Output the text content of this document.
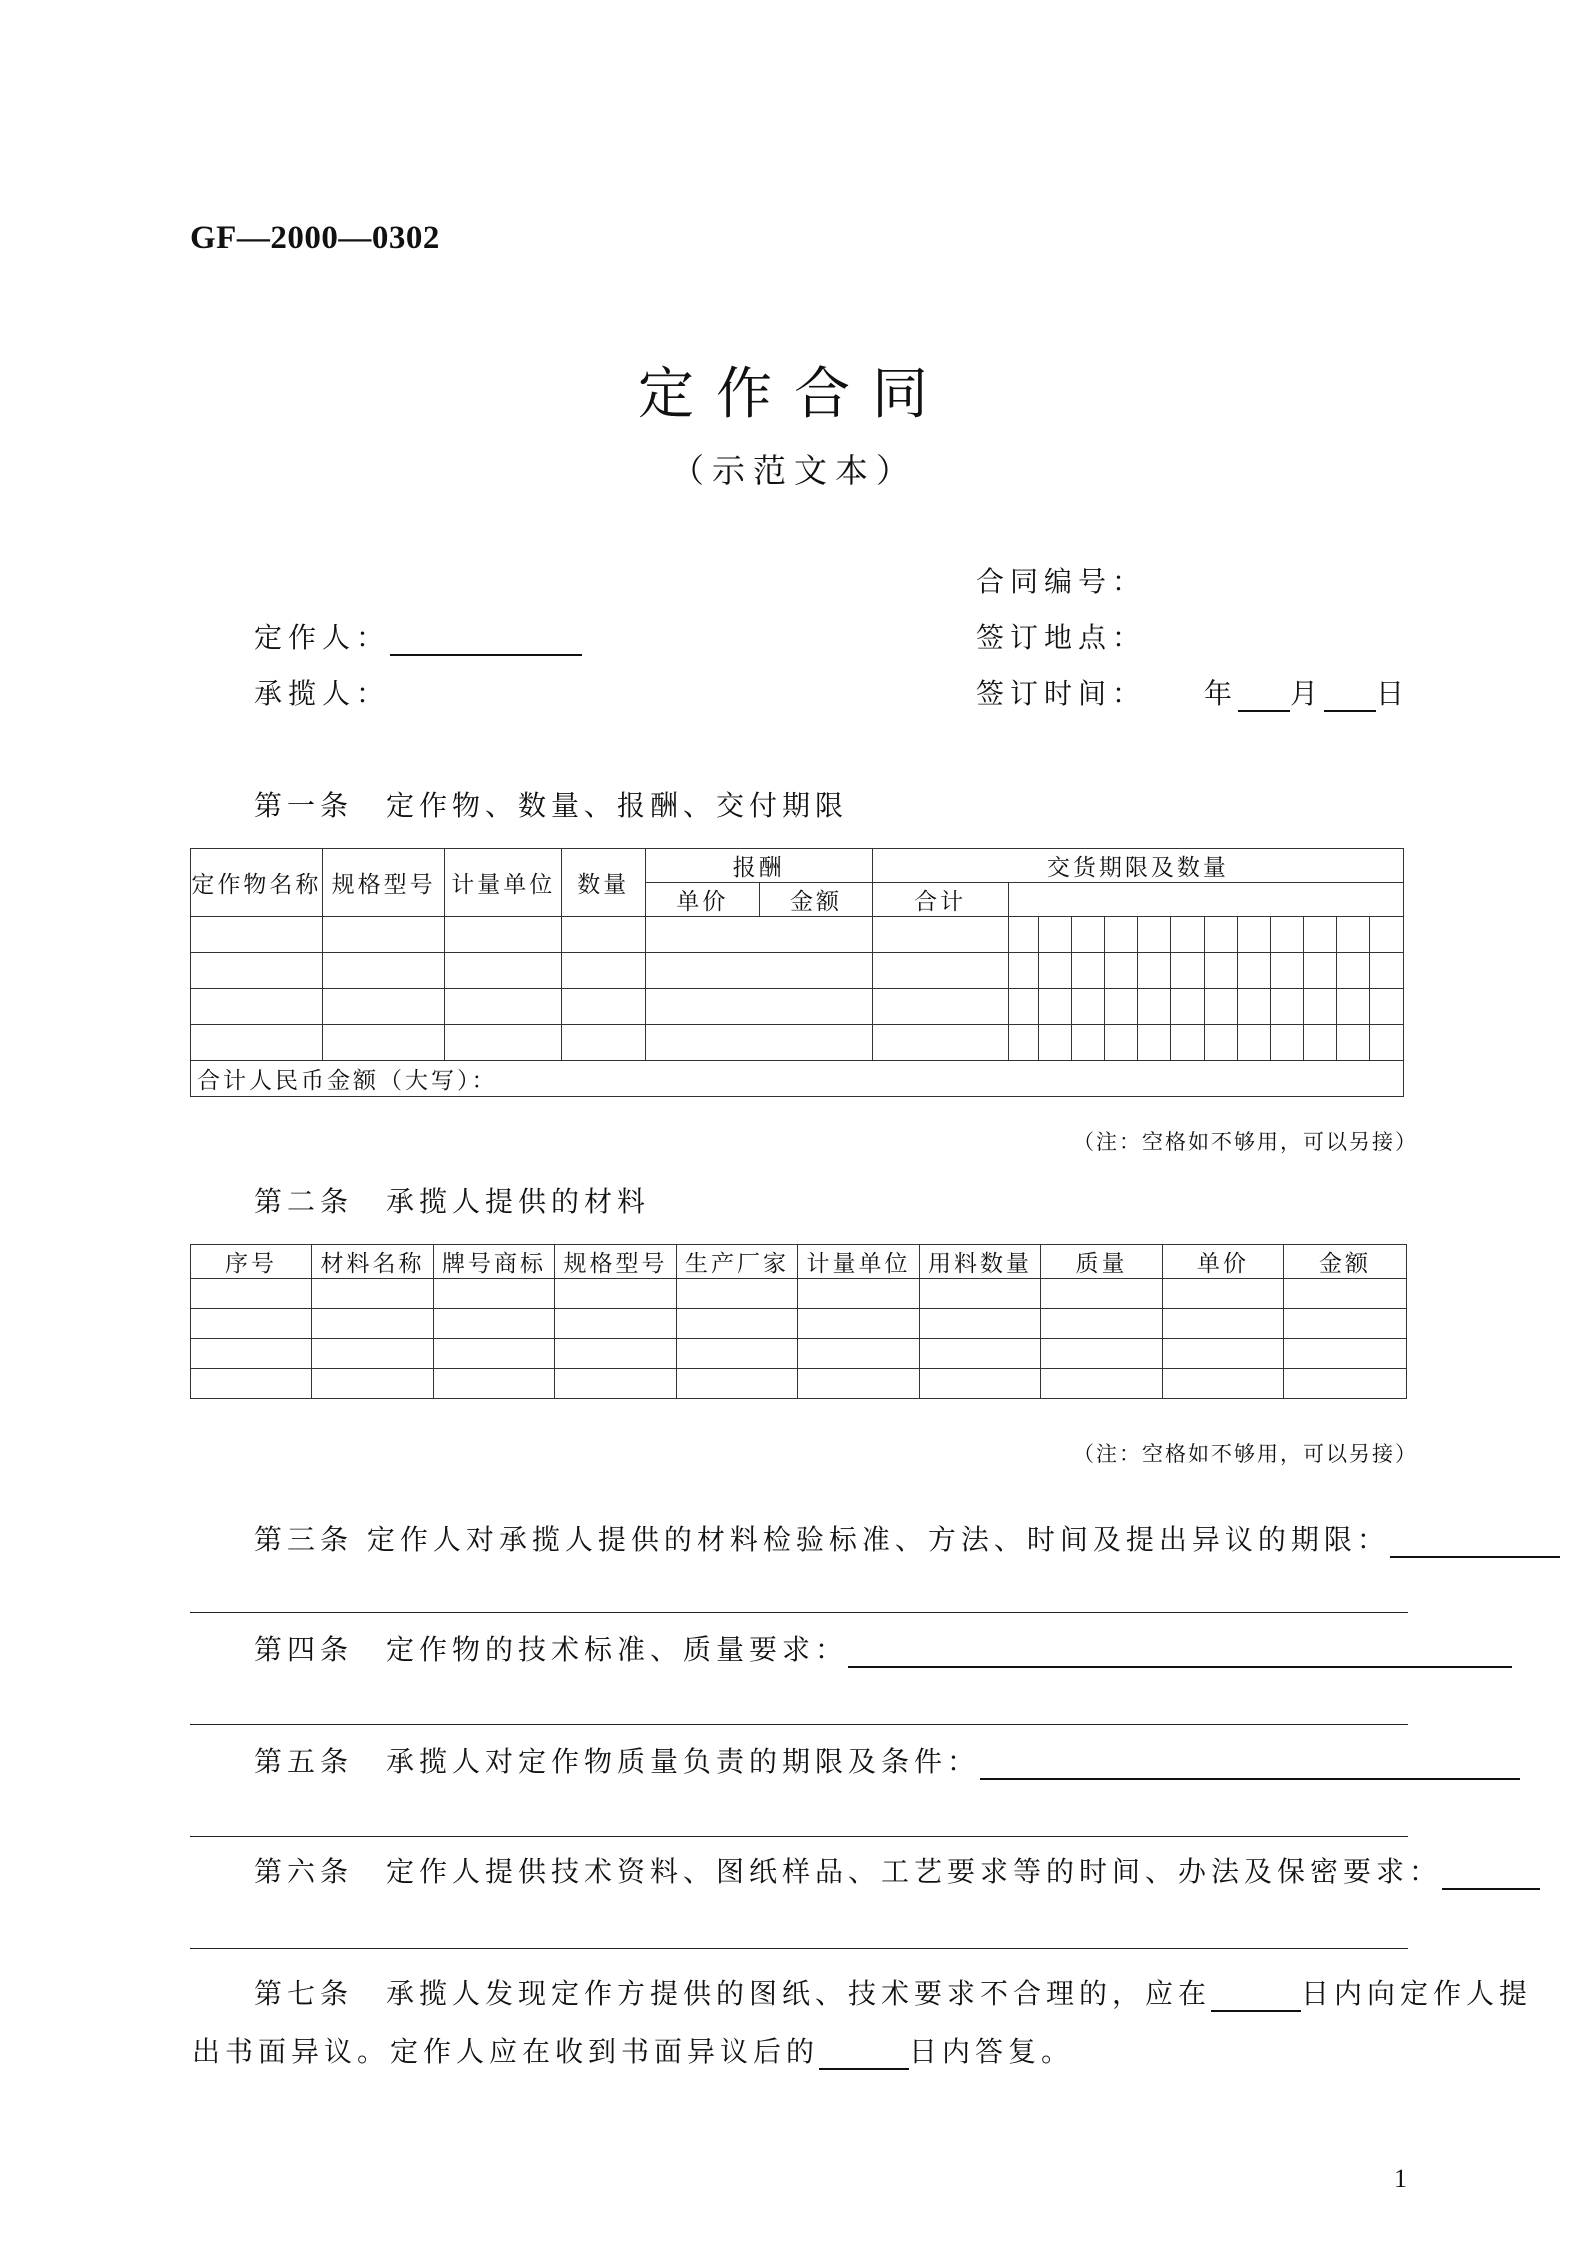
GF—2000—0302
定作合同
（示范文本）
合同编号：
签订地点：
签订时间： 年 月 日
定作人：
承揽人：
第一条　定作物、数量、报酬、交付期限
定作物名称	规格型号	计量单位	数量	报酬		交货期限及数量												
				单价	金额	合计												

合计人民币金额（大写）：																		
（注：空格如不够用，可以另接）
第二条　承揽人提供的材料
序号	材料名称	牌号商标	规格型号	生产厂家	计量单位	用料数量	质量	单价	金额

（注：空格如不够用，可以另接）
第三条 定作人对承揽人提供的材料检验标准、方法、时间及提出异议的期限：
第四条　定作物的技术标准、质量要求：
第五条　承揽人对定作物质量负责的期限及条件：
第六条　定作人提供技术资料、图纸样品、工艺要求等的时间、办法及保密要求：
第七条　承揽人发现定作方提供的图纸、技术要求不合理的，应在	日内向定作人提
出书面异议。定作人应在收到书面异议后的	日内答复。
1
